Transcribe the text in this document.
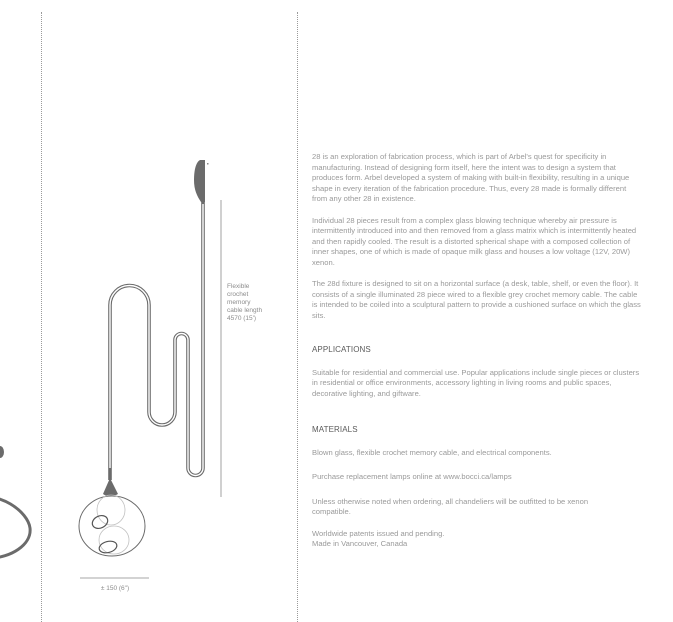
Flexible
crochet
memory
cable length
4570 (15')
± 150 (6")

28 is an exploration of fabrication process, which is part of Arbel's quest for specificity in manufacturing. Instead of designing form itself, here the intent was to design a system that produces form. Arbel developed a system of making with built-in flexibility, resulting in a unique shape in every iteration of the fabrication procedure. Thus, every 28 made is formally different from any other 28 in existence.

Individual 28 pieces result from a complex glass blowing technique whereby air pressure is intermittently introduced into and then removed from a glass matrix which is intermittently heated and then rapidly cooled. The result is a distorted spherical shape with a composed collection of inner shapes, one of which is made of opaque milk glass and houses a low voltage (12V, 20W) xenon.

The 28d fixture is designed to sit on a horizontal surface (a desk, table, shelf, or even the floor). It consists of a single illuminated 28 piece wired to a flexible grey crochet memory cable. The cable is intended to be coiled into a sculptural pattern to provide a cushioned surface on which the glass sits.

APPLICATIONS

Suitable for residential and commercial use. Popular applications include single pieces or clusters in residential or office environments, accessory lighting in living rooms and public spaces, decorative lighting, and giftware.

MATERIALS

Blown glass, flexible crochet memory cable, and electrical components.

Purchase replacement lamps online at www.bocci.ca/lamps

Unless otherwise noted when ordering, all chandeliers will be outfitted to be xenon compatible.

Worldwide patents issued and pending.
Made in Vancouver, Canada
